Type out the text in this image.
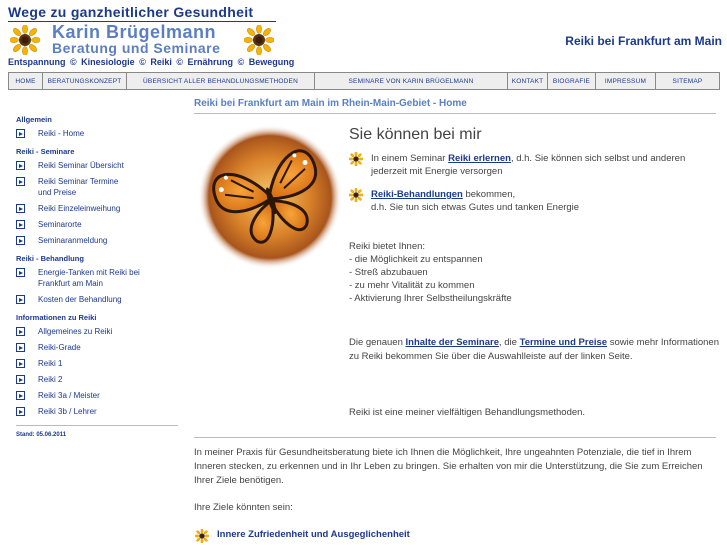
Wege zu ganzheitlicher Gesundheit
Karin Brügelmann
Beratung und Seminare
Entspannung © Kinesiologie © Reiki © Ernährung © Bewegung
Reiki bei Frankfurt am Main
HOME	BERATUNGSKONZEPT	ÜBERSICHT ALLER BEHANDLUNGSMETHODEN	SEMINARE VON KARIN BRÜGELMANN	KONTAKT	BIOGRAFIE	IMPRESSUM	SITEMAP
Allgemein
Reiki - Home
Reiki - Seminare
Reiki Seminar Übersicht
Reiki Seminar Termine und Preise
Reiki Einzeleinweihung
Seminarorte
Seminaranmeldung
Reiki - Behandlung
Energie-Tanken mit Reiki bei Frankfurt am Main
Kosten der Behandlung
Informationen zu Reiki
Allgemeines zu Reiki
Reiki-Grade
Reiki 1
Reiki 2
Reiki 3a / Meister
Reiki 3b / Lehrer
Stand: 05.06.2011
Reiki bei Frankfurt am Main im Rhein-Main-Gebiet - Home
Sie können bei mir

In einem Seminar Reiki erlernen, d.h. Sie können sich selbst und anderen jederzeit mit Energie versorgen

Reiki-Behandlungen bekommen,
d.h. Sie tun sich etwas Gutes und tanken Energie

Reiki bietet Ihnen:
- die Möglichkeit zu entspannen
- Streß abzubauen
- zu mehr Vitalität zu kommen
- Aktivierung Ihrer Selbstheilungskräfte

Die genauen Inhalte der Seminare, die Termine und Preise sowie mehr Informationen zu Reiki bekommen Sie über die Auswahlleiste auf der linken Seite.

Reiki ist eine meiner vielfältigen Behandlungsmethoden.

In meiner Praxis für Gesundheitsberatung biete ich Ihnen die Möglichkeit, Ihre ungeahnten Potenziale, die tief in Ihrem Inneren stecken, zu erkennen und in Ihr Leben zu bringen. Sie erhalten von mir die Unterstützung, die Sie zum Erreichen Ihrer Ziele benötigen.

Ihre Ziele könnten sein:

Innere Zufriedenheit und Ausgeglichenheit
